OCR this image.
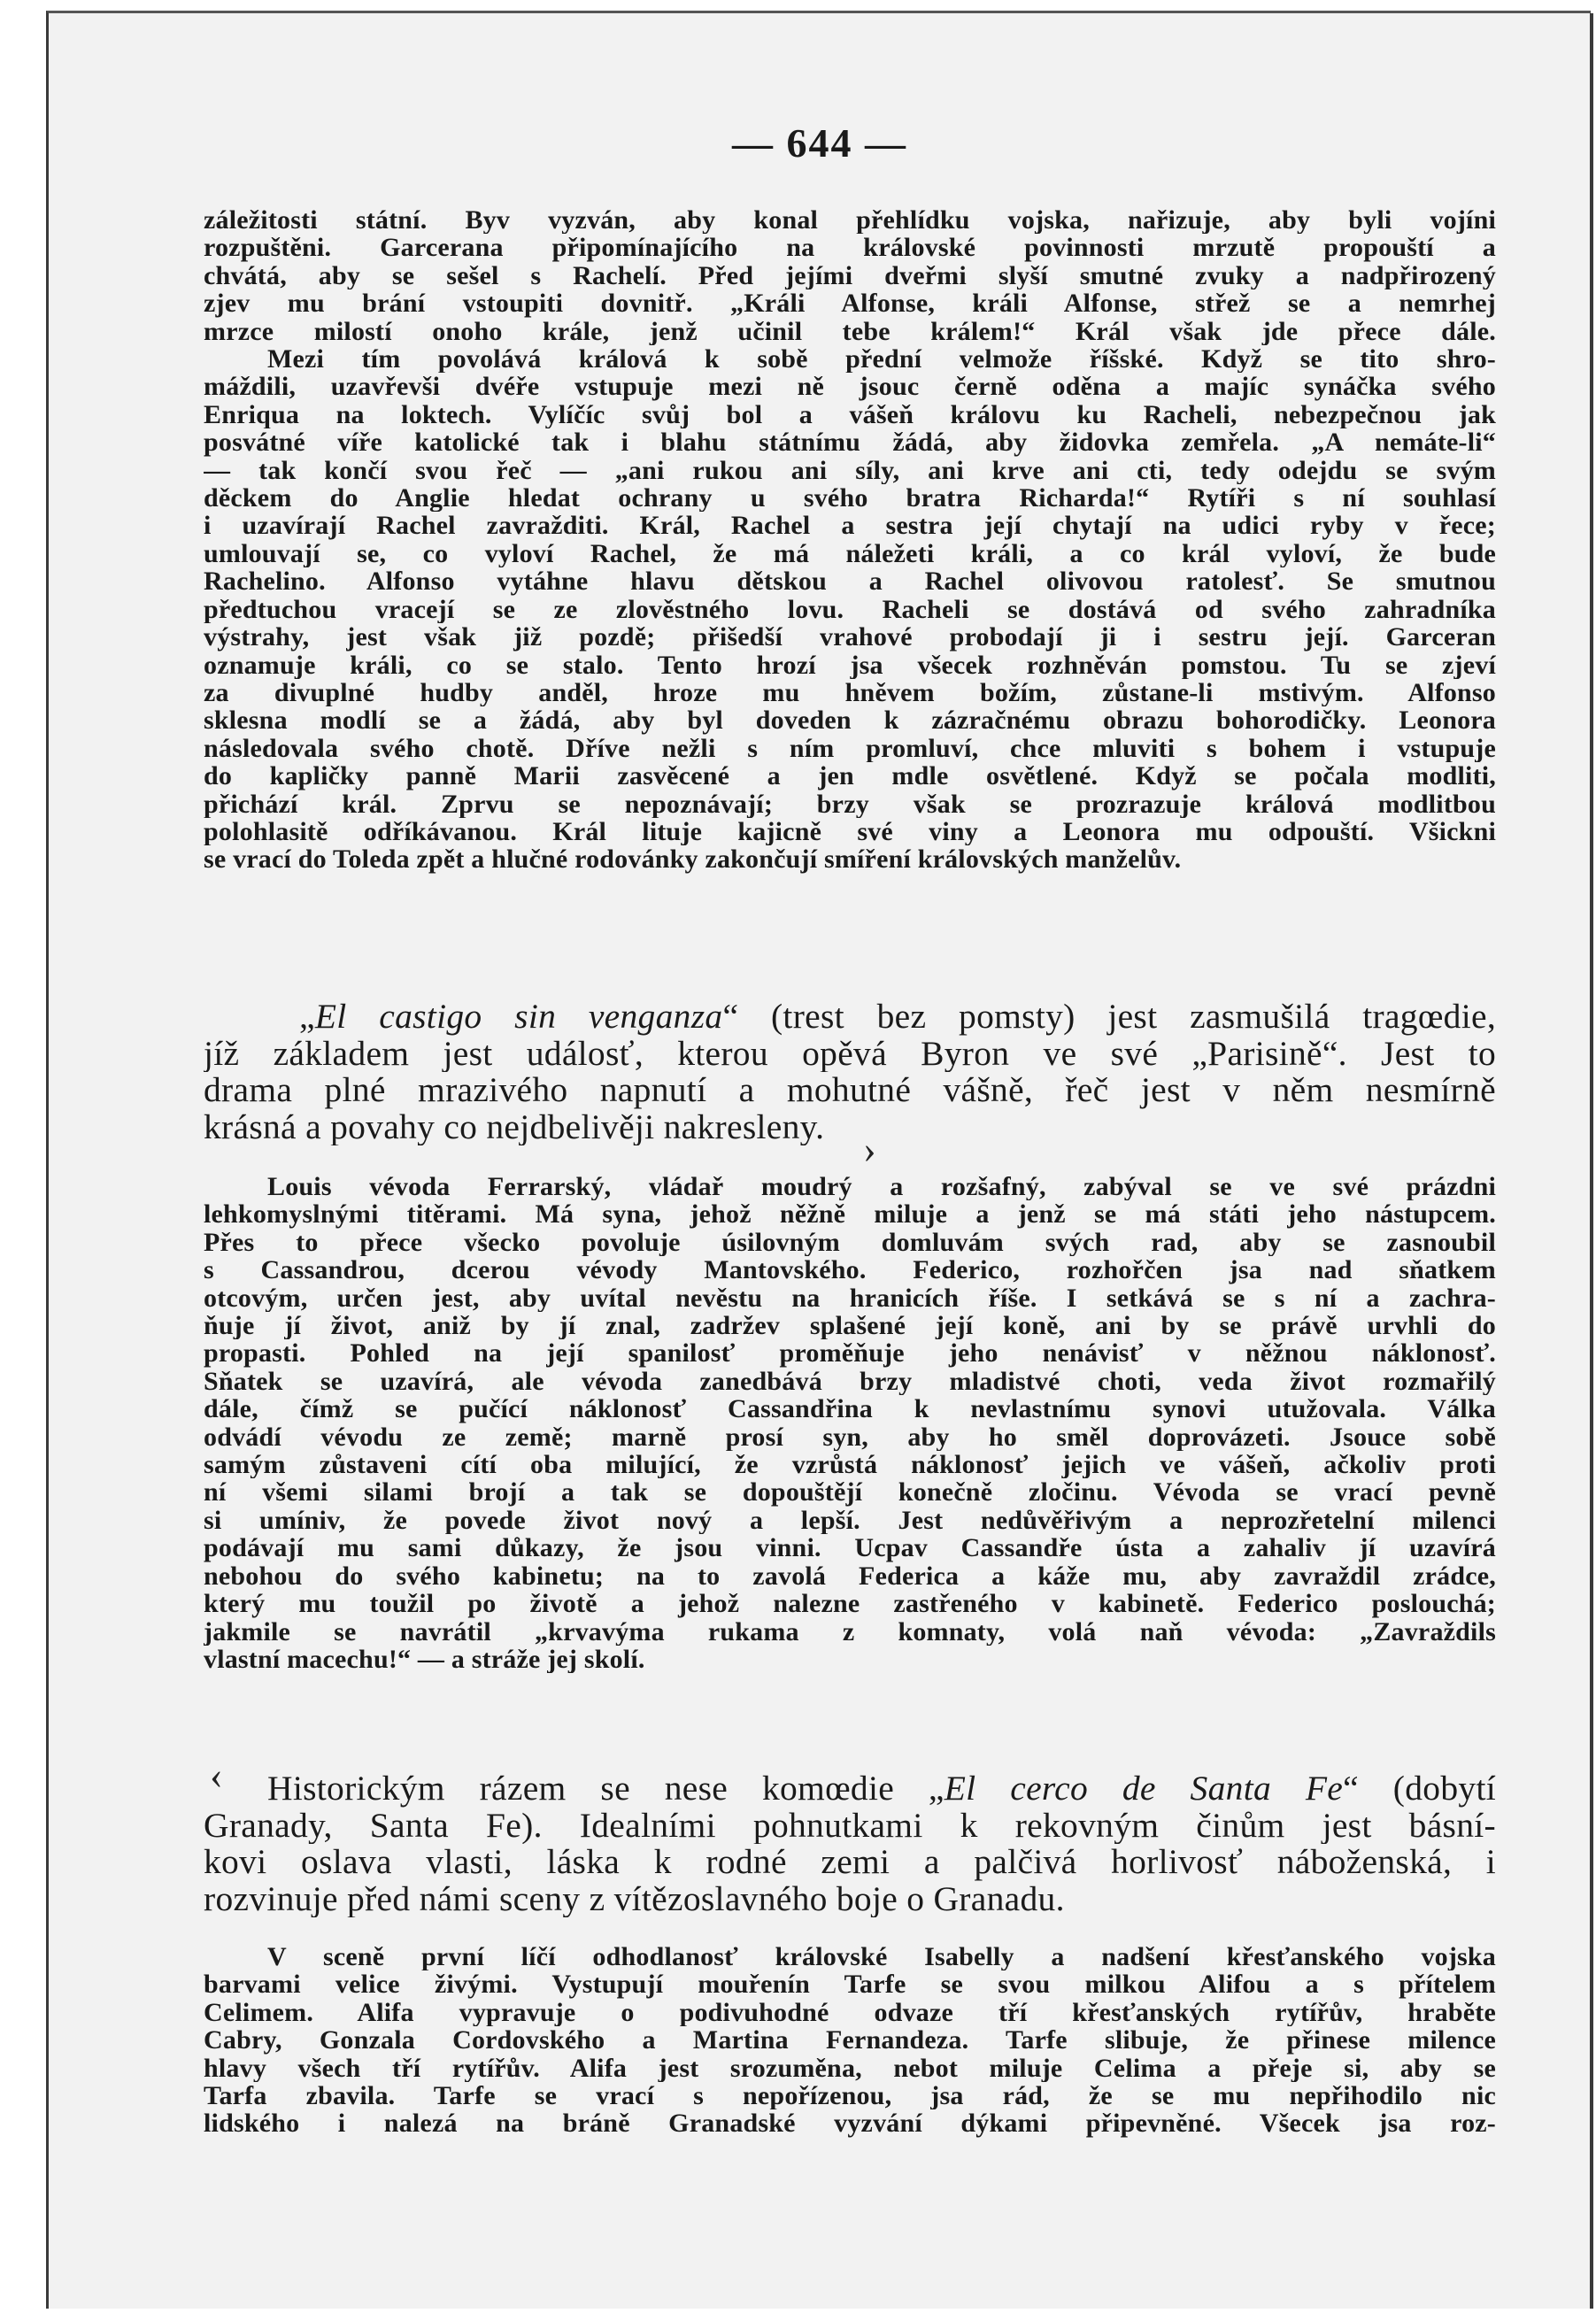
— 644 —
záležitosti státní. Byv vyzván, aby konal přehlídku vojska, nařizuje, aby byli vojíni
rozpuštěni. Garcerana připomínajícího na královské povinnosti mrzutě propouští a
chvátá, aby se sešel s Rachelí. Před jejími dveřmi slyší smutné zvuky a nadpřirozený
zjev mu brání vstoupiti dovnitř. „Králi Alfonse, králi Alfonse, střež se a nemrhej
mrzce milostí onoho krále, jenž učinil tebe králem!“ Král však jde přece dále.
Mezi tím povolává králová k sobě přední velmože říšské. Když se tito shro-
máždili, uzavřevši dvéře vstupuje mezi ně jsouc černě oděna a majíc synáčka svého
Enriqua na loktech. Vylíčíc svůj bol a vášeň královu ku Racheli, nebezpečnou jak
posvátné víře katolické tak i blahu státnímu žádá, aby židovka zemřela. „A nemáte-li“
— tak končí svou řeč — „ani rukou ani síly, ani krve ani cti, tedy odejdu se svým
děckem do Anglie hledat ochrany u svého bratra Richarda!“ Rytíři s ní souhlasí
i uzavírají Rachel zavražditi. Král, Rachel a sestra její chytají na udici ryby v řece;
umlouvají se, co vyloví Rachel, že má náležeti králi, a co král vyloví, že bude
Rachelino. Alfonso vytáhne hlavu dětskou a Rachel olivovou ratolesť. Se smutnou
předtuchou vracejí se ze zlověstného lovu. Racheli se dostává od svého zahradníka
výstrahy, jest však již pozdě; přišedší vrahové probodají ji i sestru její. Garceran
oznamuje králi, co se stalo. Tento hrozí jsa všecek rozhněván pomstou. Tu se zjeví
za divuplné hudby anděl, hroze mu hněvem božím, zůstane-li mstivým. Alfonso
sklesna modlí se a žádá, aby byl doveden k zázračnému obrazu bohorodičky. Leonora
následovala svého chotě. Dříve nežli s ním promluví, chce mluviti s bohem i vstupuje
do kapličky panně Marii zasvěcené a jen mdle osvětlené. Když se počala modliti,
přichází král. Zprvu se nepoznávají; brzy však se prozrazuje králová modlitbou
polohlasitě odříkávanou. Král lituje kajicně své viny a Leonora mu odpouští. Všickni
se vrací do Toleda zpět a hlučné rodovánky zakončují smíření královských manželův.
„El castigo sin venganza“ (trest bez pomsty) jest zasmušilá tragœdie,
jíž základem jest událosť, kterou opěvá Byron ve své „Parisině“. Jest to
drama plné mrazivého napnutí a mohutné vášně, řeč jest v něm nesmírně
krásná a povahy co nejdbelivěji nakresleny.
Louis vévoda Ferrarský, vládař moudrý a rozšafný, zabýval se ve své prázdni
lehkomyslnými titěrami. Má syna, jehož něžně miluje a jenž se má státi jeho nástupcem.
Přes to přece všecko povoluje úsilovným domluvám svých rad, aby se zasnoubil
s Cassandrou, dcerou vévody Mantovského. Federico, rozhořčen jsa nad sňatkem
otcovým, určen jest, aby uvítal nevěstu na hranicích říše. I setkává se s ní a zachra-
ňuje jí život, aniž by jí znal, zadržev splašené její koně, ani by se právě urvhli do
propasti. Pohled na její spanilosť proměňuje jeho nenávisť v něžnou náklonosť.
Sňatek se uzavírá, ale vévoda zanedbává brzy mladistvé choti, veda život rozmařilý
dále, čímž se pučící náklonosť Cassandřina k nevlastnímu synovi utužovala. Válka
odvádí vévodu ze země; marně prosí syn, aby ho směl doprovázeti. Jsouce sobě
samým zůstaveni cítí oba milující, že vzrůstá náklonosť jejich ve vášeň, ačkoliv proti
ní všemi silami brojí a tak se dopouštějí konečně zločinu. Vévoda se vrací pevně
si umíniv, že povede život nový a lepší. Jest nedůvěřivým a neprozřetelní milenci
podávají mu sami důkazy, že jsou vinni. Ucpav Cassandře ústa a zahaliv jí uzavírá
nebohou do svého kabinetu; na to zavolá Federica a káže mu, aby zavraždil zrádce,
který mu toužil po životě a jehož nalezne zastřeného v kabinetě. Federico poslouchá;
jakmile se navrátil „krvavýma rukama z komnaty, volá naň vévoda: „Zavraždils
vlastní macechu!“ — a stráže jej skolí.
Historickým rázem se nese komœdie „El cerco de Santa Fe“ (dobytí
Granady, Santa Fe). Idealními pohnutkami k rekovným činům jest básní-
kovi oslava vlasti, láska k rodné zemi a palčivá horlivosť náboženská, i
rozvinuje před námi sceny z vítězoslavného boje o Granadu.
V sceně první líčí odhodlanosť královské Isabelly a nadšení křesťanského vojska
barvami velice živými. Vystupují mouřenín Tarfe se svou milkou Alifou a s přítelem
Celimem. Alifa vypravuje o podivuhodné odvaze tří křesťanských rytířův, hraběte
Cabry, Gonzala Cordovského a Martina Fernandeza. Tarfe slibuje, že přinese milence
hlavy všech tří rytířův. Alifa jest srozuměna, nebot miluje Celima a přeje si, aby se
Tarfa zbavila. Tarfe se vrací s nepořízenou, jsa rád, že se mu nepřihodilo nic
lidského i nalezá na bráně Granadské vyzvání dýkami připevněné. Všecek jsa roz-
›
‹
